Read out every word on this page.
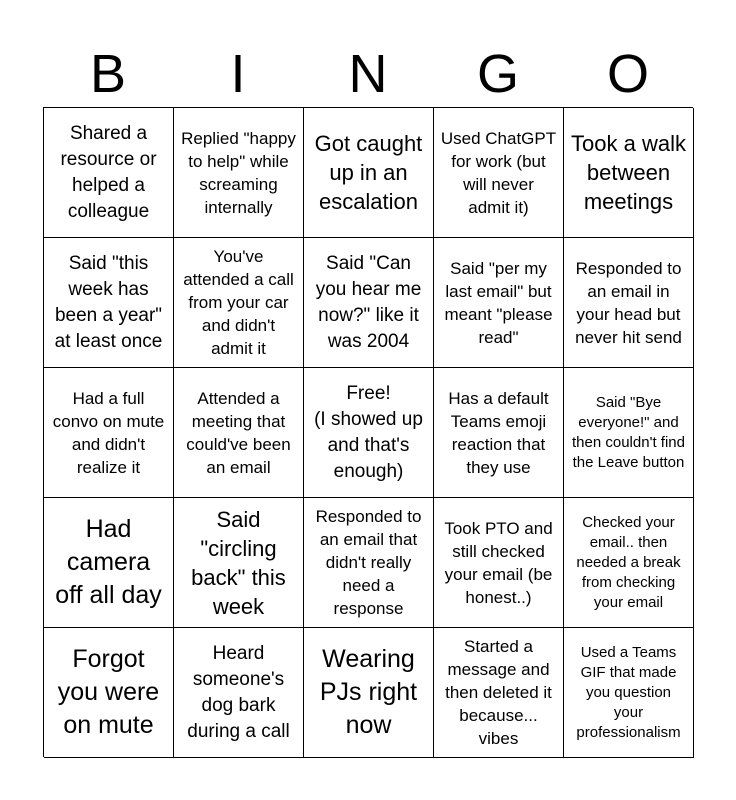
B	I	N	G	O
Shared a resource or helped a colleague
Replied "happy to help" while screaming internally
Got caught up in an escalation
Used ChatGPT for work (but will never admit it)
Took a walk between meetings
Said "this week has been a year" at least once
You've attended a call from your car and didn't admit it
Said "Can you hear me now?" like it was 2004
Said "per my last email" but meant "please read"
Responded to an email in your head but never hit send
Had a full convo on mute and didn't realize it
Attended a meeting that could've been an email
Free!
(I showed up and that's enough)
Has a default Teams emoji reaction that they use
Said "Bye everyone!" and then couldn't find the Leave button
Had camera off all day
Said "circling back" this week
Responded to an email that didn't really need a response
Took PTO and still checked your email (be honest..)
Checked your email.. then needed a break from checking your email
Forgot you were on mute
Heard someone's dog bark during a call
Wearing PJs right now
Started a message and then deleted it because... vibes
Used a Teams GIF that made you question your professionalism
